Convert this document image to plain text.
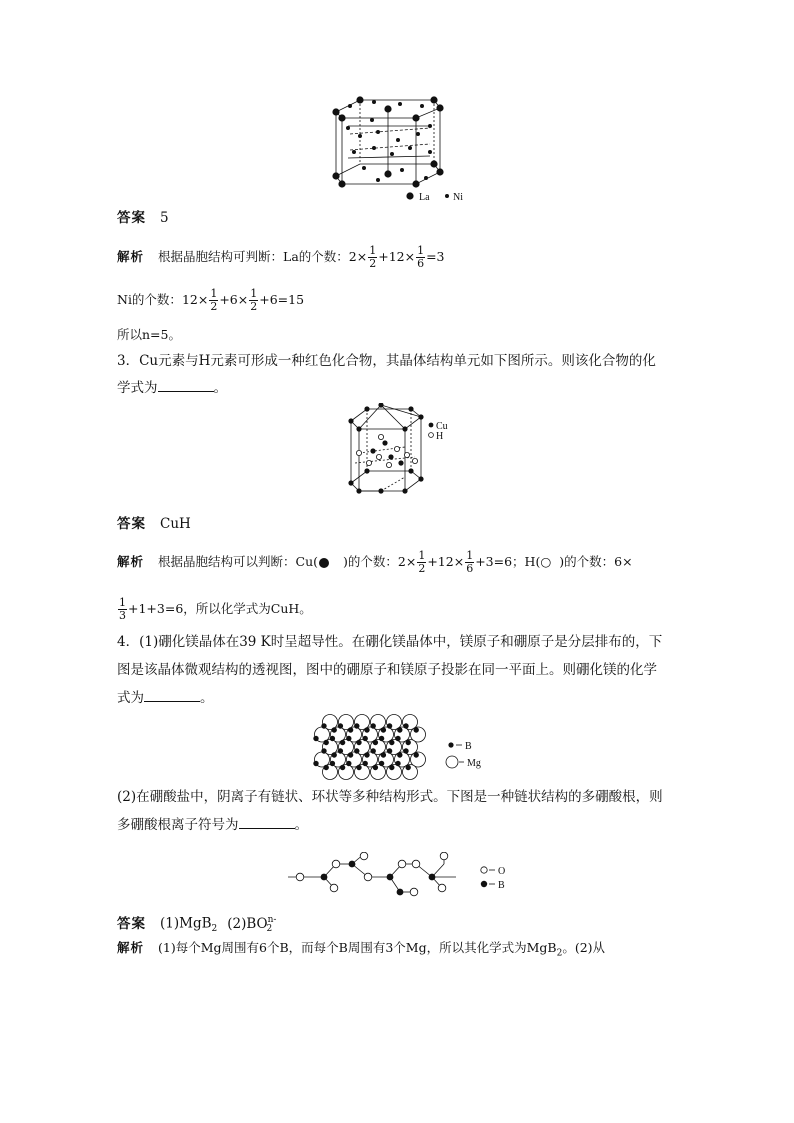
La Ni
答案 5
解析 根据晶胞结构可判断：La的个数：$2\times \frac{1}{2} +12\times \frac{1}{6} =3$
Ni的个数：$12\times \frac{1}{2} +6\times \frac{1}{2} +6=15$
所以n=5。
3．Cu元素与H元素可形成一种红色化合物，其晶体结构单元如下图所示。则该化合物的化
学式为	。
Cu
H
答案 CuH
解析 根据晶胞结构可以判断：Cu( )的个数：$2\times \frac{1}{2} +12\times \frac{1}{6} +3=6$；H(○ )的个数：6×
$\frac{1}{3} +1+3=6$，所以化学式为CuH。
4．(1)硼化镁晶体在39 K时呈超导性。在硼化镁晶体中，镁原子和硼原子是分层排布的，下
图是该晶体微观结构的透视图，图中的硼原子和镁原子投影在同一平面上。则硼化镁的化学
式为	。
B
Mg
(2)在硼酸盐中，阴离子有链状、环状等多种结构形式。下图是一种链状结构的多硼酸根，则
多硼酸根离子符号为	。
O
B
答案 (1)MgB$_2$ $(2)BO^{n-}_2$
解析 (1)每个Mg周围有6个B，而每个B周围有3个Mg，所以其化学式为MgB$_2$。(2)从
